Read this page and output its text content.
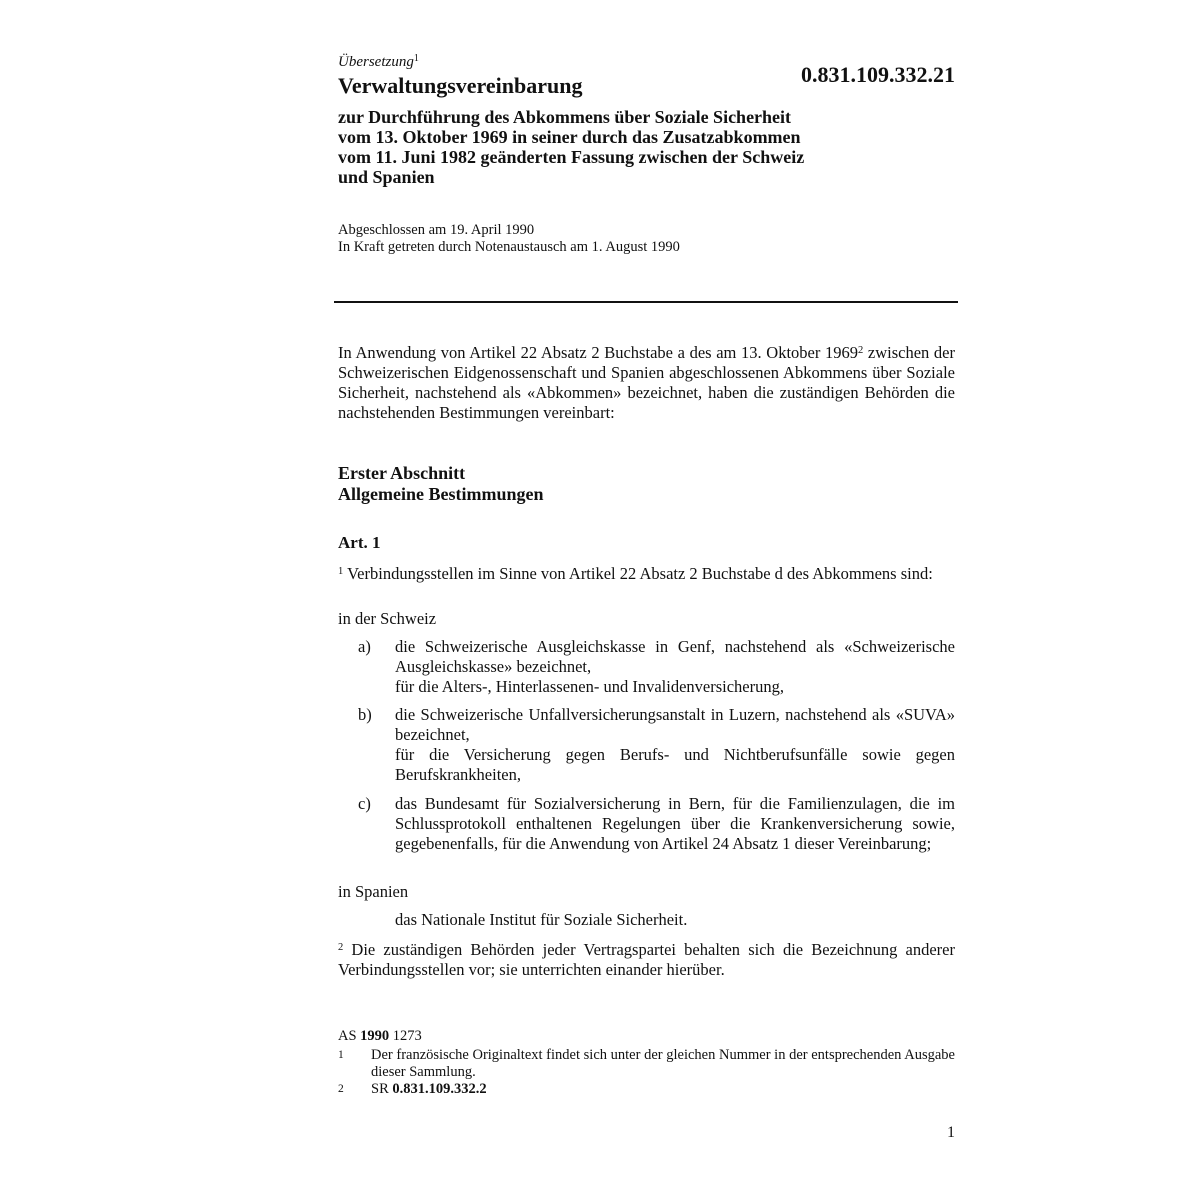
Übersetzung$^1$
Verwaltungsvereinbarung	0.831.109.332.21
zur Durchführung des Abkommens über Soziale Sicherheit
vom 13. Oktober 1969 in seiner durch das Zusatzabkommen
vom 11. Juni 1982 geänderten Fassung zwischen der Schweiz
und Spanien
Abgeschlossen am 19. April 1990
In Kraft getreten durch Notenaustausch am 1. August 1990
In Anwendung von Artikel 22 Absatz 2 Buchstabe a des am 13. Oktober 1969$^2$ zwischen der Schweizerischen Eidgenossenschaft und Spanien abgeschlossenen Abkommens über Soziale Sicherheit, nachstehend als «Abkommen» bezeichnet, haben die zuständigen Behörden die nachstehenden Bestimmungen vereinbart:
Erster Abschnitt
Allgemeine Bestimmungen
Art. 1
$^1$ Verbindungsstellen im Sinne von Artikel 22 Absatz 2 Buchstabe d des Abkommens sind:
in der Schweiz
a)	die Schweizerische Ausgleichskasse in Genf, nachstehend als «Schweizerische Ausgleichskasse» bezeichnet,
für die Alters-, Hinterlassenen- und Invalidenversicherung,
b)	die Schweizerische Unfallversicherungsanstalt in Luzern, nachstehend als «SUVA» bezeichnet,
für die Versicherung gegen Berufs- und Nichtberufsunfälle sowie gegen Berufskrankheiten,
c)	das Bundesamt für Sozialversicherung in Bern, für die Familienzulagen, die im Schlussprotokoll enthaltenen Regelungen über die Krankenversicherung sowie, gegebenenfalls, für die Anwendung von Artikel 24 Absatz 1 dieser Vereinbarung;
in Spanien
das Nationale Institut für Soziale Sicherheit.
$^2$ Die zuständigen Behörden jeder Vertragspartei behalten sich die Bezeichnung anderer Verbindungsstellen vor; sie unterrichten einander hierüber.
AS 1990 1273
1 Der französische Originaltext findet sich unter der gleichen Nummer in der entsprechenden Ausgabe dieser Sammlung.
2 SR 0.831.109.332.2
1
